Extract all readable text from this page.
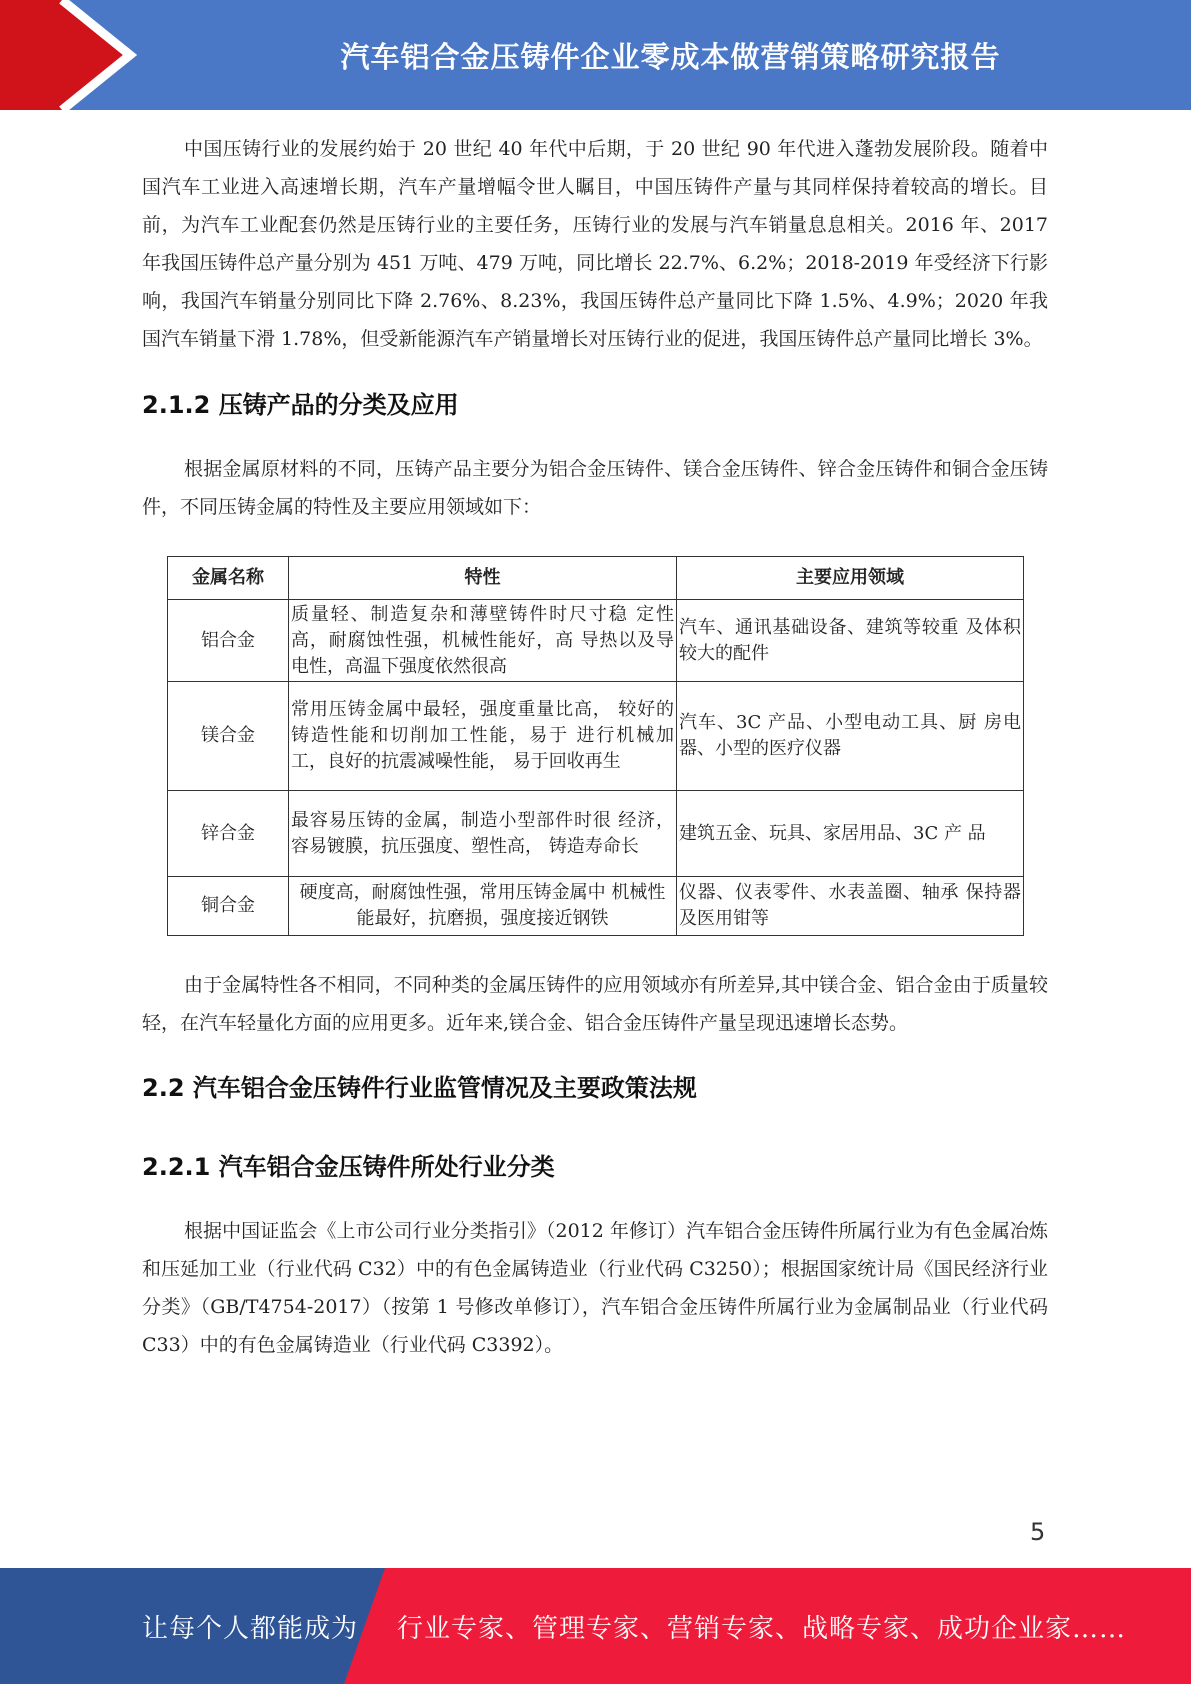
汽车铝合金压铸件企业零成本做营销策略研究报告

中国压铸行业的发展约始于 20 世纪 40 年代中后期，于 20 世纪 90 年代进入蓬勃发展阶段。随着中国汽车工业进入高速增长期，汽车产量增幅令世人瞩目，中国压铸件产量与其同样保持着较高的增长。目前，为汽车工业配套仍然是压铸行业的主要任务，压铸行业的发展与汽车销量息息相关。2016 年、2017 年我国压铸件总产量分别为 451 万吨、479 万吨，同比增长 22.7%、6.2%；2018-2019 年受经济下行影响，我国汽车销量分别同比下降 2.76%、8.23%，我国压铸件总产量同比下降 1.5%、4.9%；2020 年我国汽车销量下滑 1.78%，但受新能源汽车产销量增长对压铸行业的促进，我国压铸件总产量同比增长 3%。

2.1.2 压铸产品的分类及应用

根据金属原材料的不同，压铸产品主要分为铝合金压铸件、镁合金压铸件、锌合金压铸件和铜合金压铸件，不同压铸金属的特性及主要应用领域如下：

金属名称	特性	主要应用领域
铝合金	质量轻、制造复杂和薄壁铸件时尺寸稳 定性高，耐腐蚀性强，机械性能好，高 导热以及导电性，高温下强度依然很高	汽车、通讯基础设备、建筑等较重 及体积较大的配件
镁合金	常用压铸金属中最轻，强度重量比高， 较好的铸造性能和切削加工性能，易于 进行机械加工，良好的抗震减噪性能， 易于回收再生	汽车、3C 产品、小型电动工具、厨 房电器、小型的医疗仪器
锌合金	最容易压铸的金属，制造小型部件时很 经济，容易镀膜，抗压强度、塑性高， 铸造寿命长	建筑五金、玩具、家居用品、3C 产 品
铜合金	硬度高，耐腐蚀性强，常用压铸金属中 机械性能最好，抗磨损，强度接近钢铁	仪器、仪表零件、水表盖圈、轴承 保持器及医用钳等

由于金属特性各不相同，不同种类的金属压铸件的应用领域亦有所差异,其中镁合金、铝合金由于质量较轻，在汽车轻量化方面的应用更多。近年来,镁合金、铝合金压铸件产量呈现迅速增长态势。

2.2 汽车铝合金压铸件行业监管情况及主要政策法规
2.2.1 汽车铝合金压铸件所处行业分类

根据中国证监会《上市公司行业分类指引》（2012 年修订）汽车铝合金压铸件所属行业为有色金属冶炼和压延加工业（行业代码 C32）中的有色金属铸造业（行业代码 C3250）；根据国家统计局《国民经济行业分类》（GB/T4754-2017）（按第 1 号修改单修订），汽车铝合金压铸件所属行业为金属制品业（行业代码 C33）中的有色金属铸造业（行业代码 C3392）。

5
让每个人都能成为 行业专家、管理专家、营销专家、战略专家、成功企业家……
